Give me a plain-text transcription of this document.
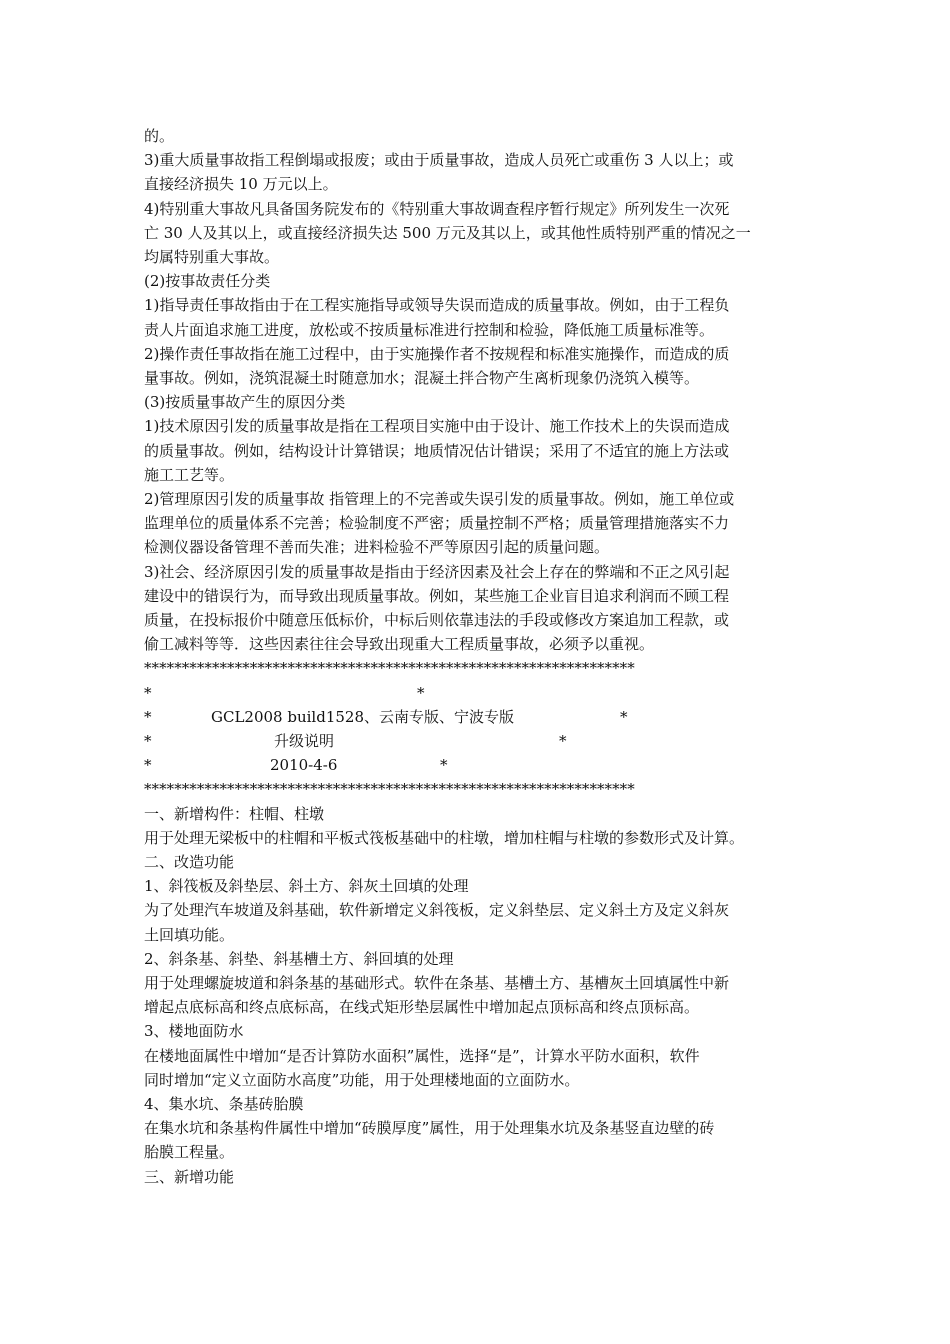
的。
3)重大质量事故指工程倒塌或报废；或由于质量事故，造成人员死亡或重伤 3 人以上；或
直接经济损失 10 万元以上。
4)特别重大事故凡具备国务院发布的《特别重大事故调查程序暂行规定》所列发生一次死
亡 30 人及其以上，或直接经济损失达 500 万元及其以上，或其他性质特别严重的情况之一
均属特别重大事故。
(2)按事故责任分类
1)指导责任事故指由于在工程实施指导或领导失误而造成的质量事故。例如，由于工程负
责人片面追求施工进度，放松或不按质量标准进行控制和检验，降低施工质量标准等。
2)操作责任事故指在施工过程中，由于实施操作者不按规程和标准实施操作，而造成的质
量事故。例如，浇筑混凝土时随意加水；混凝土拌合物产生离析现象仍浇筑入模等。
(3)按质量事故产生的原因分类
1)技术原因引发的质量事故是指在工程项目实施中由于设计、施工作技术上的失误而造成
的质量事故。例如，结构设计计算错误；地质情况估计错误；采用了不适宜的施上方法或
施工工艺等。
2)管理原因引发的质量事故 指管理上的不完善或失误引发的质量事故。例如，施工单位或
监理单位的质量体系不完善；检验制度不严密；质量控制不严格；质量管理措施落实不力
检测仪器设备管理不善而失准；进料检验不严等原因引起的质量问题。
3)社会、经济原因引发的质量事故是指由于经济因素及社会上存在的弊端和不正之风引起
建设中的错误行为，而导致出现质量事故。例如，某些施工企业盲目追求利润而不顾工程
质量，在投标报价中随意压低标价，中标后则依靠违法的手段或修改方案追加工程款，或
偷工减料等等．这些因素往往会导致出现重大工程质量事故，必须予以重视。
*****************************************************************
*	*
*	GCL2008 build1528、云南专版、宁波专版	*
*	升级说明	*
*	2010-4-6	*
*****************************************************************
一、新增构件：柱帽、柱墩
用于处理无梁板中的柱帽和平板式筏板基础中的柱墩，增加柱帽与柱墩的参数形式及计算。
二、改造功能
1、斜筏板及斜垫层、斜土方、斜灰土回填的处理
为了处理汽车坡道及斜基础，软件新增定义斜筏板，定义斜垫层、定义斜土方及定义斜灰
土回填功能。
2、斜条基、斜垫、斜基槽土方、斜回填的处理
用于处理螺旋坡道和斜条基的基础形式。软件在条基、基槽土方、基槽灰土回填属性中新
增起点底标高和终点底标高，在线式矩形垫层属性中增加起点顶标高和终点顶标高。
3、楼地面防水
在楼地面属性中增加“是否计算防水面积”属性，选择“是”，计算水平防水面积，软件
同时增加“定义立面防水高度”功能，用于处理楼地面的立面防水。
4、集水坑、条基砖胎膜
在集水坑和条基构件属性中增加“砖膜厚度”属性，用于处理集水坑及条基竖直边壁的砖
胎膜工程量。
三、新增功能
